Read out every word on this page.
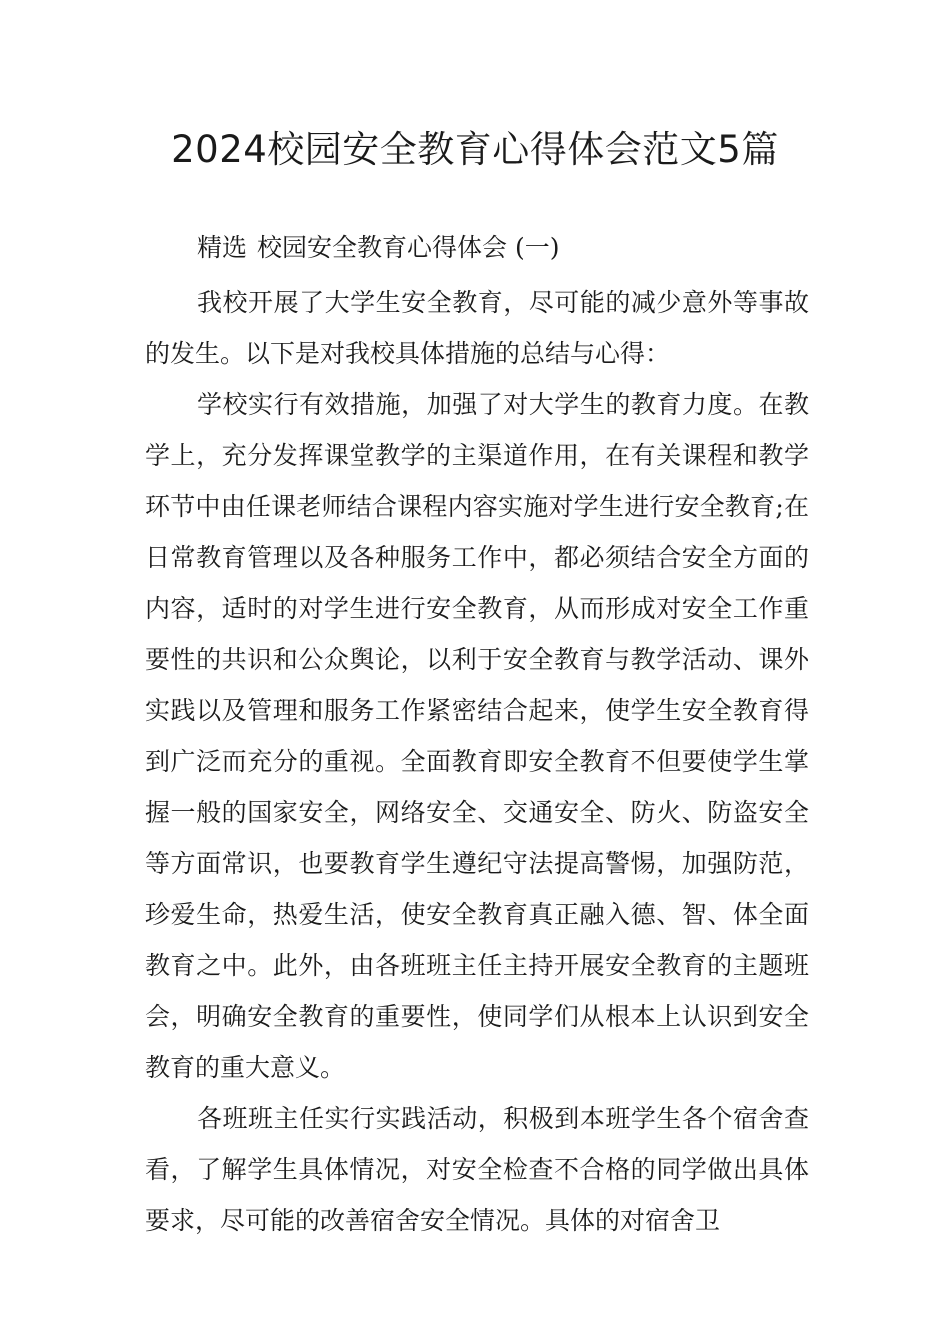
2024校园安全教育心得体会范文5篇

精选 校园安全教育心得体会 (一)

我校开展了大学生安全教育，尽可能的减少意外等事故的发生。以下是对我校具体措施的总结与心得：

学校实行有效措施，加强了对大学生的教育力度。在教学上，充分发挥课堂教学的主渠道作用，在有关课程和教学环节中由任课老师结合课程内容实施对学生进行安全教育;在日常教育管理以及各种服务工作中，都必须结合安全方面的内容，适时的对学生进行安全教育，从而形成对安全工作重要性的共识和公众舆论，以利于安全教育与教学活动、课外实践以及管理和服务工作紧密结合起来，使学生安全教育得到广泛而充分的重视。全面教育即安全教育不但要使学生掌握一般的国家安全，网络安全、交通安全、防火、防盗安全等方面常识，也要教育学生遵纪守法提高警惕，加强防范，珍爱生命，热爱生活，使安全教育真正融入德、智、体全面教育之中。此外，由各班班主任主持开展安全教育的主题班会，明确安全教育的重要性，使同学们从根本上认识到安全教育的重大意义。

各班班主任实行实践活动，积极到本班学生各个宿舍查看，了解学生具体情况，对安全检查不合格的同学做出具体要求，尽可能的改善宿舍安全情况。具体的对宿舍卫
